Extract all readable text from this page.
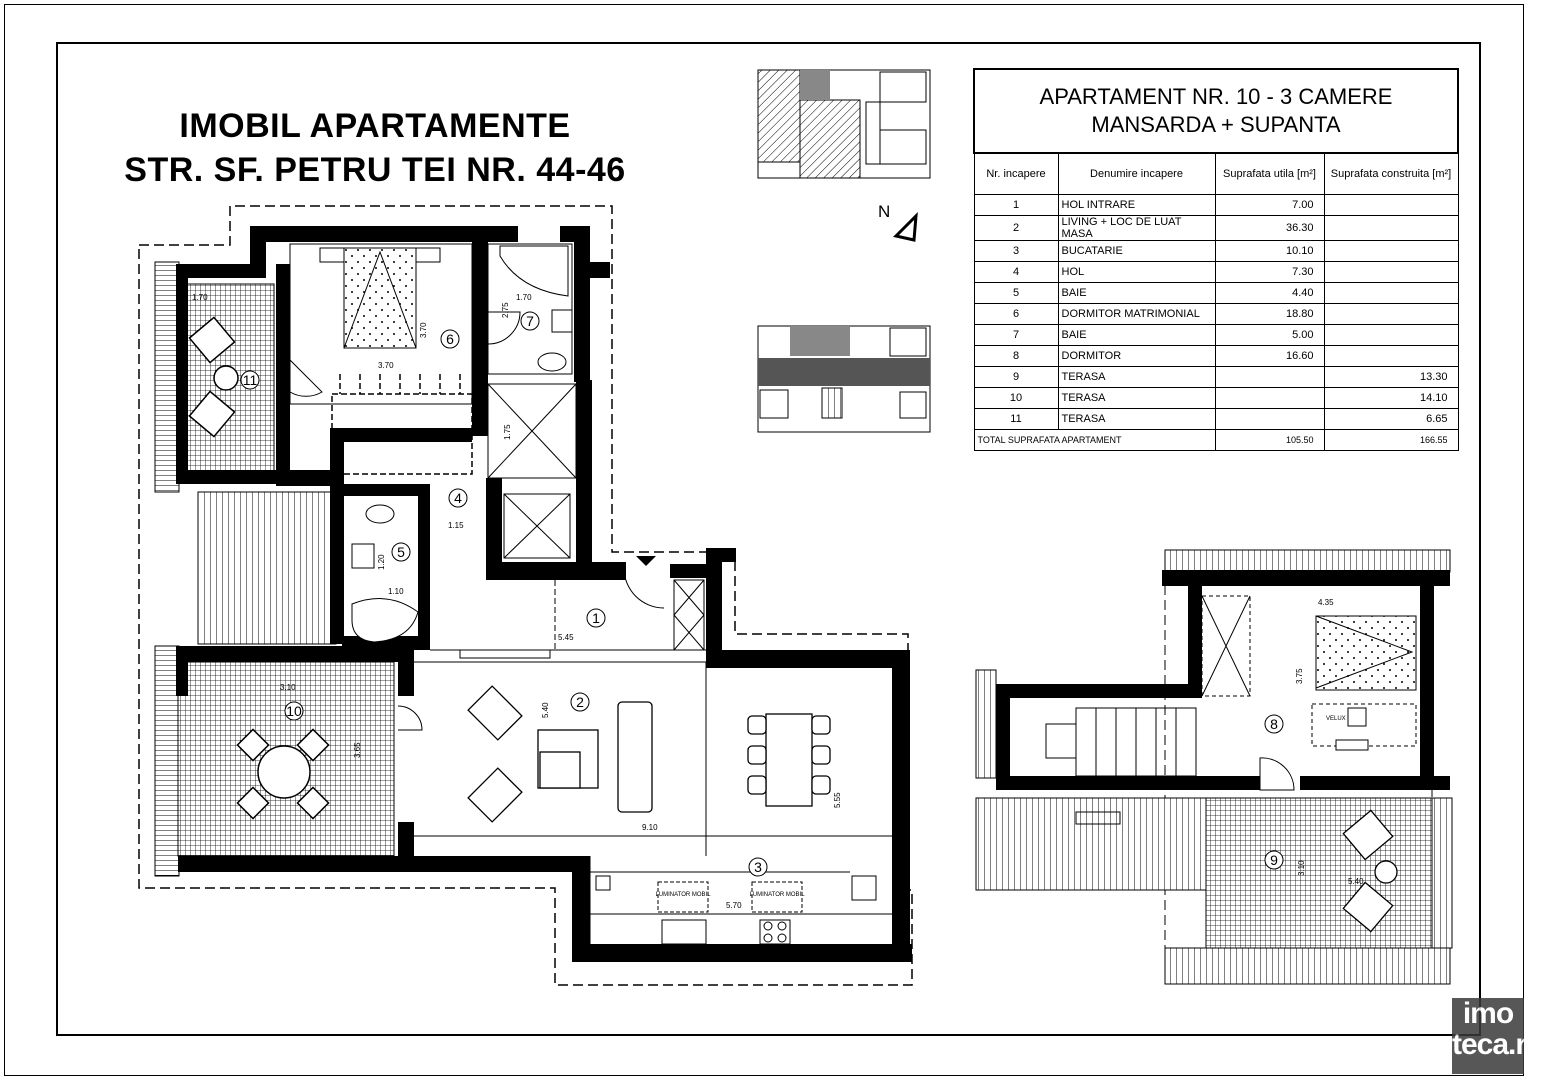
IMOBIL APARTAMENTE
STR. SF. PETRU TEI NR. 44-46
APARTAMENT NR. 10 - 3 CAMERE
MANSARDA + SUPANTA			
Nr. incapere	Denumire incapere	Suprafata utila [m²]	Suprafata construita [m²]
1	HOL INTRARE	7.00	
2	LIVING + LOC DE LUAT MASA	36.30	
3	BUCATARIE	10.10	
4	HOL	7.30	
5	BAIE	4.40	
6	DORMITOR MATRIMONIAL	18.80	
7	BAIE	5.00	
8	DORMITOR	16.60	
9	TERASA		13.30
10	TERASA		14.10
11	TERASA		6.65
TOTAL SUPRAFATA APARTAMENT		105.50	166.55
N
LUMINATOR MOBIL	LUMINATOR MOBIL
VELUX
1
2
3
4
5
6
7
8
9
10
11
1.70
3.70
3.70
2.75
1.70
1.75
1.15
5.45
5.40
9.10
5.55
5.70
3.10
3.65
4.35
3.75
3.10
5.40
1.20
1.10
imo
teca.ro
